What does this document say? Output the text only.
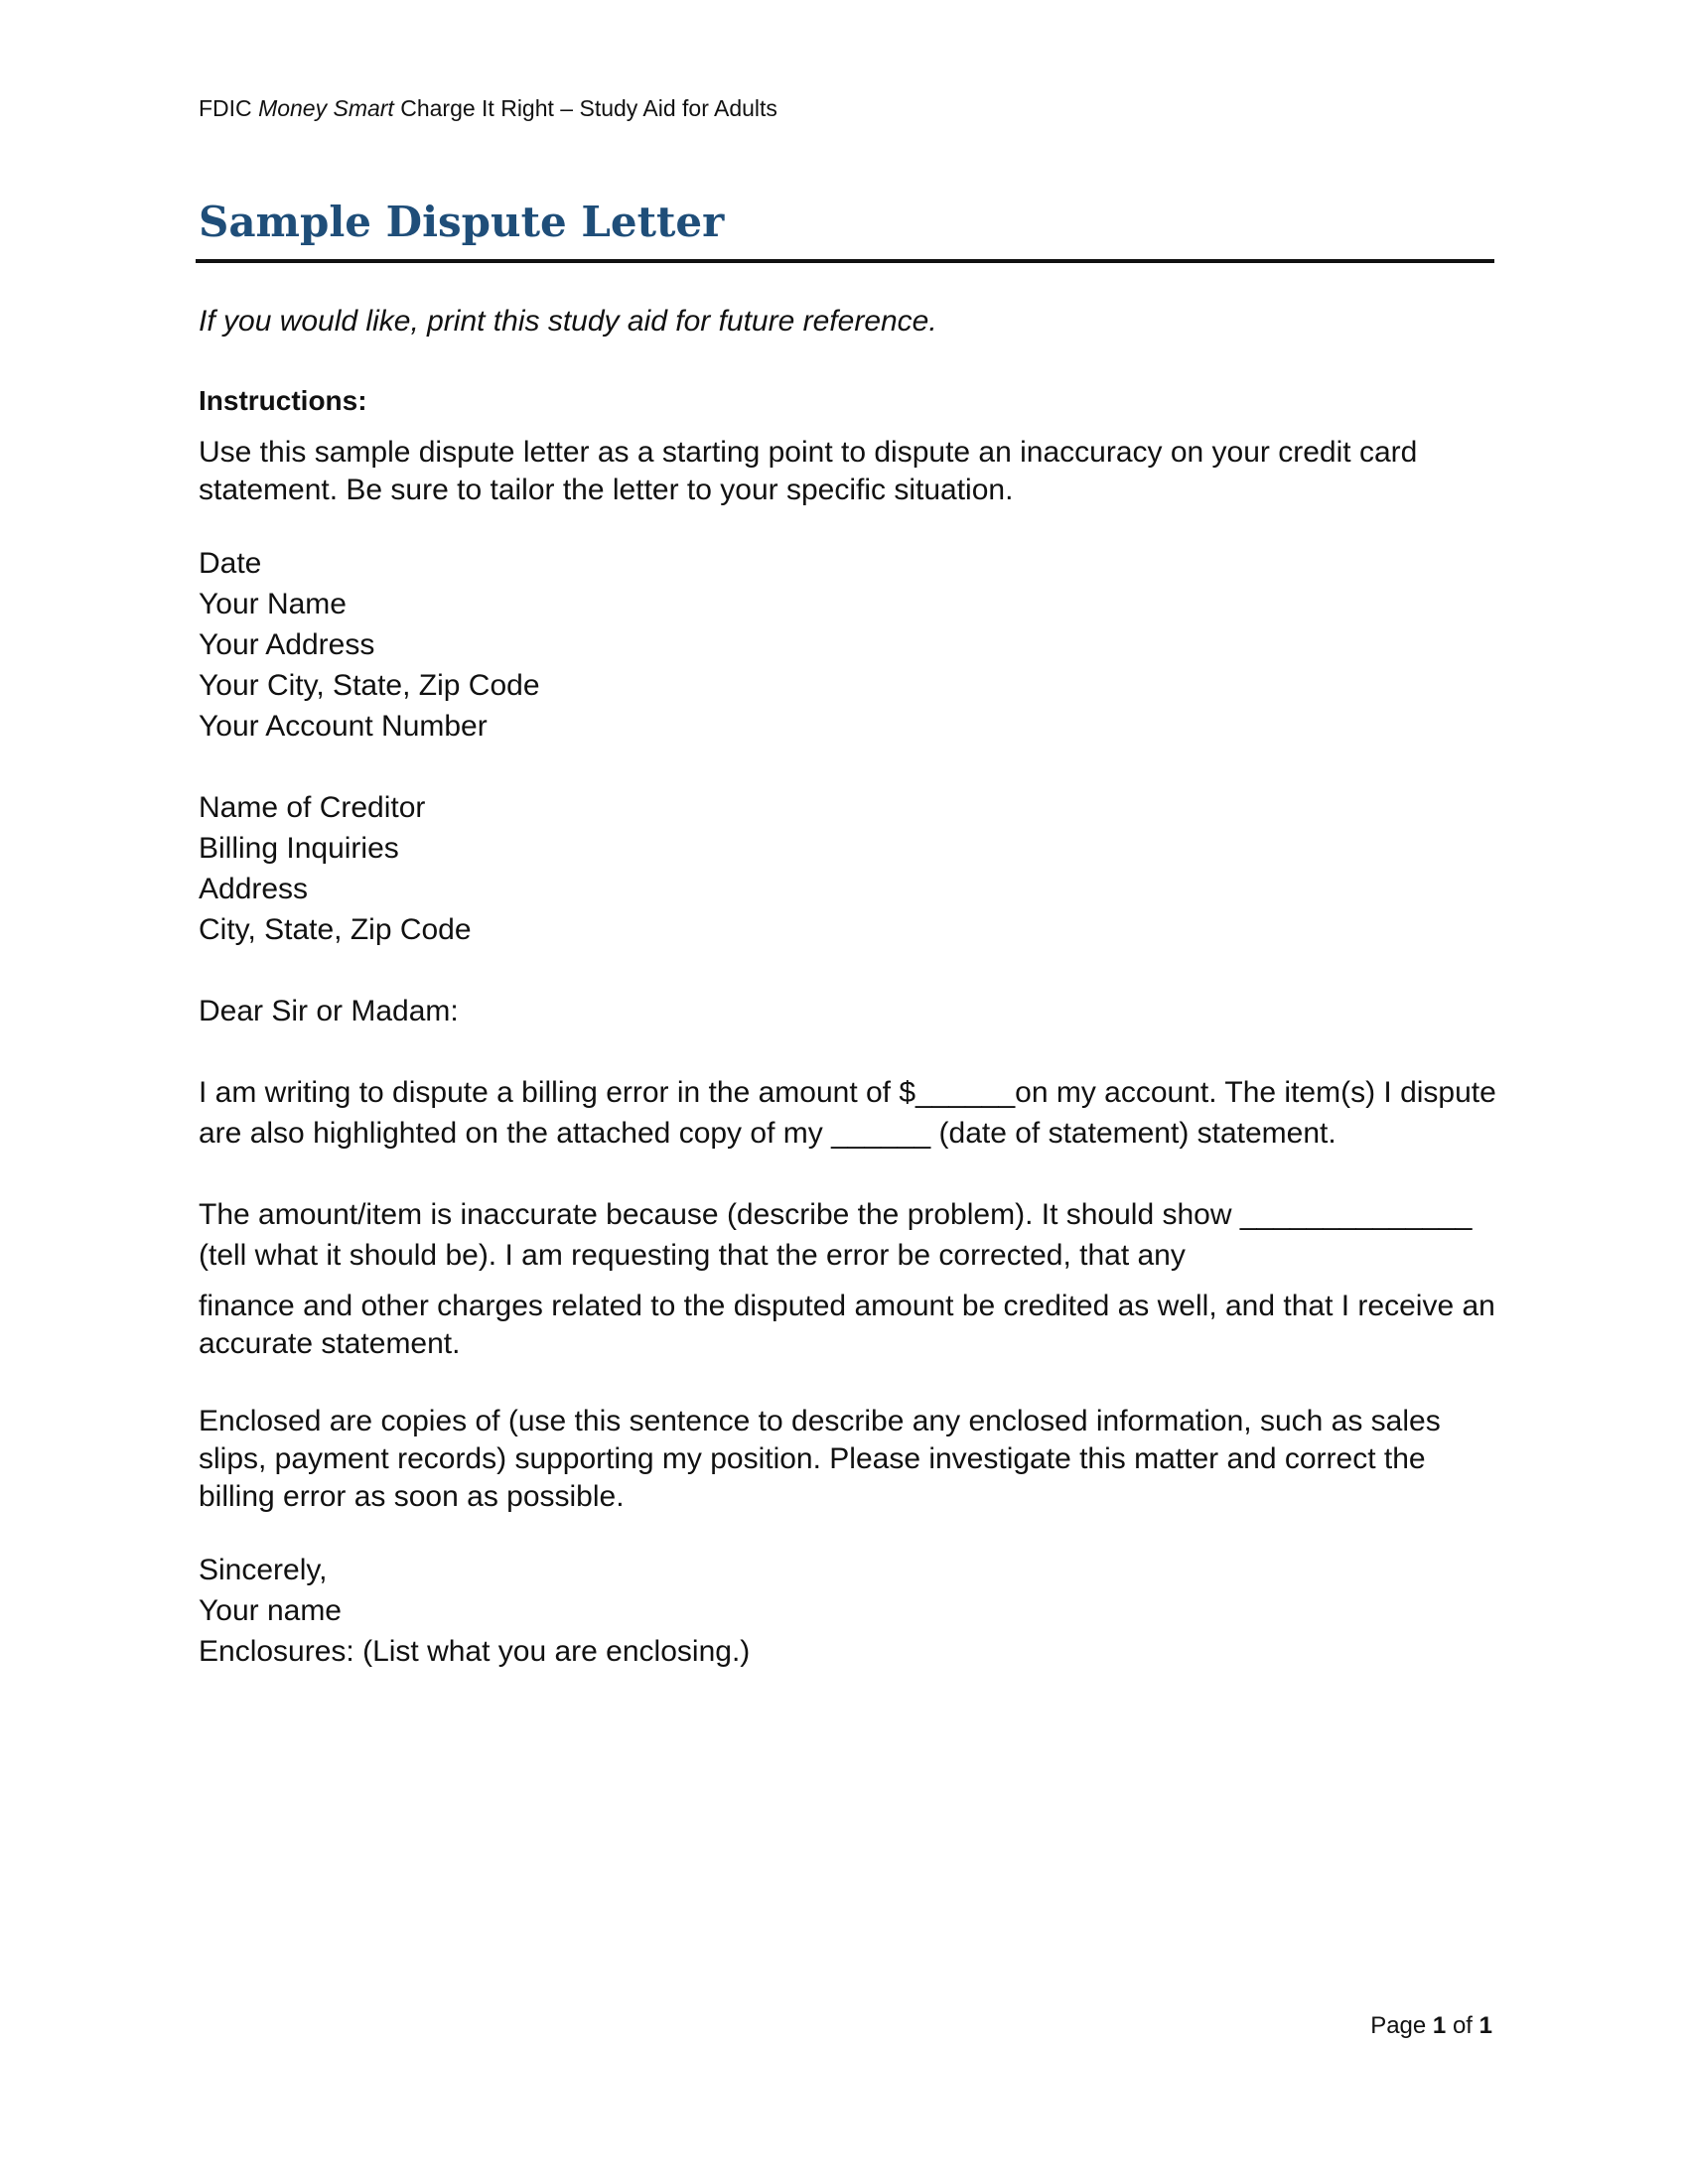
FDIC Money Smart Charge It Right – Study Aid for Adults
Sample Dispute Letter

If you would like, print this study aid for future reference.

Instructions:

Use this sample dispute letter as a starting point to dispute an inaccuracy on your credit card statement. Be sure to tailor the letter to your specific situation.

Date
Your Name
Your Address
Your City, State, Zip Code
Your Account Number
Name of Creditor
Billing Inquiries
Address
City, State, Zip Code

Dear Sir or Madam:

I am writing to dispute a billing error in the amount of $______on my account. The item(s) I dispute are also highlighted on the attached copy of my ______ (date of statement) statement.

The amount/item is inaccurate because (describe the problem). It should show ______________ (tell what it should be). I am requesting that the error be corrected, that any

finance and other charges related to the disputed amount be credited as well, and that I receive an accurate statement.

Enclosed are copies of (use this sentence to describe any enclosed information, such as sales slips, payment records) supporting my position. Please investigate this matter and correct the billing error as soon as possible.

Sincerely,
Your name
Enclosures: (List what you are enclosing.)
Page 1 of 1
